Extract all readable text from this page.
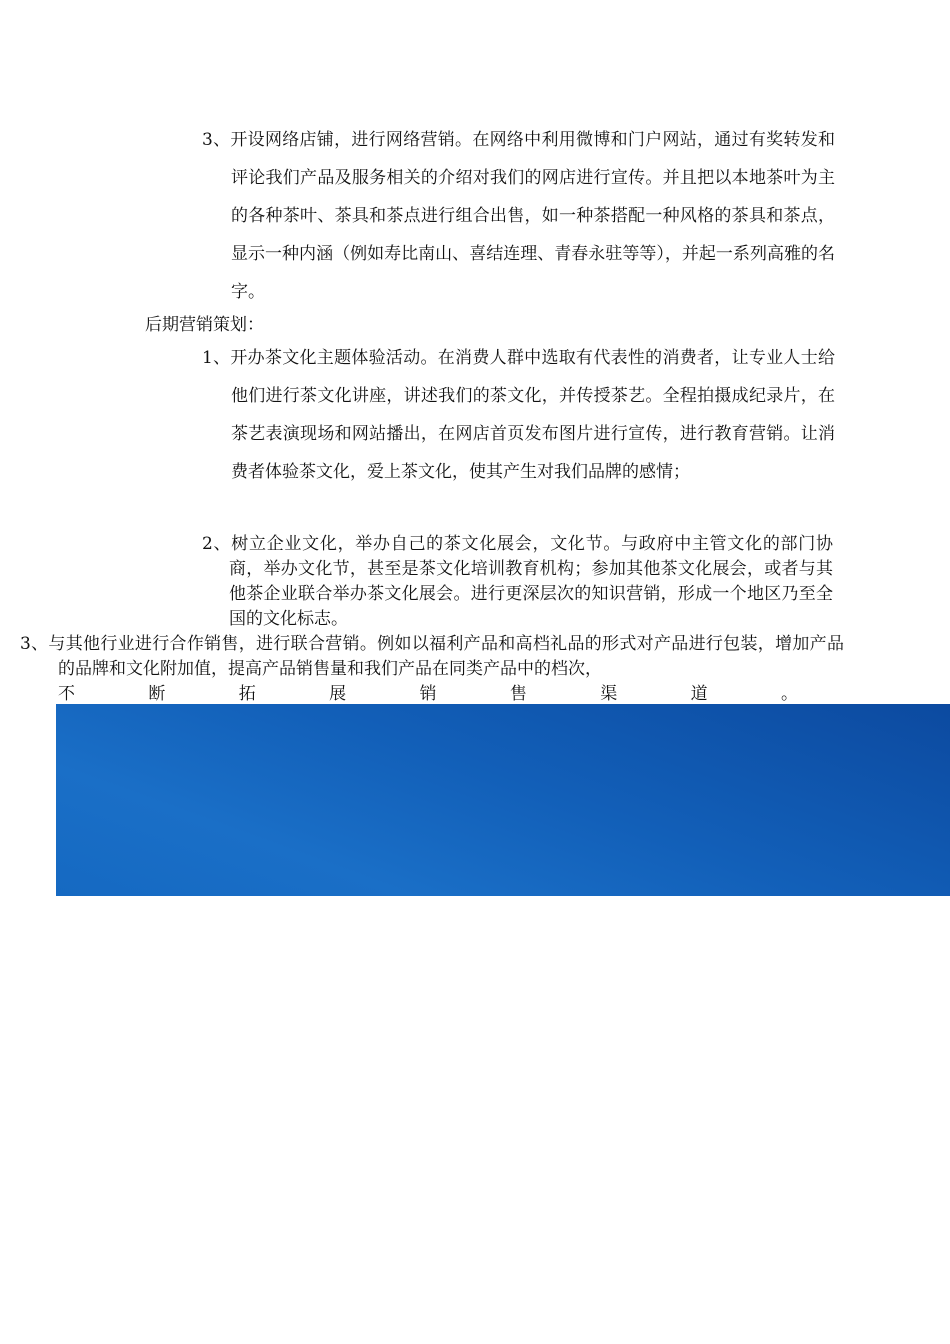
3、开设网络店铺，进行网络营销。在网络中利用微博和门户网站，通过有奖转发和评论我们产品及服务相关的介绍对我们的网店进行宣传。并且把以本地茶叶为主的各种茶叶、茶具和茶点进行组合出售，如一种茶搭配一种风格的茶具和茶点，显示一种内涵（例如寿比南山、喜结连理、青春永驻等等），并起一系列高雅的名字。
后期营销策划：
1、开办茶文化主题体验活动。在消费人群中选取有代表性的消费者，让专业人士给他们进行茶文化讲座，讲述我们的茶文化，并传授茶艺。全程拍摄成纪录片，在茶艺表演现场和网站播出，在网店首页发布图片进行宣传，进行教育营销。让消费者体验茶文化，爱上茶文化，使其产生对我们品牌的感情；
2、树立企业文化，举办自己的茶文化展会，文化节。与政府中主管文化的部门协商，举办文化节，甚至是茶文化培训教育机构；参加其他茶文化展会，或者与其他茶企业联合举办茶文化展会。进行更深层次的知识营销，形成一个地区乃至全国的文化标志。
3、与其他行业进行合作销售，进行联合营销。例如以福利产品和高档礼品的形式对产品进行包装，增加产品的品牌和文化附加值，提高产品销售量和我们产品在同类产品中的档次，
不	断	拓	展	销	售	渠	道	。
